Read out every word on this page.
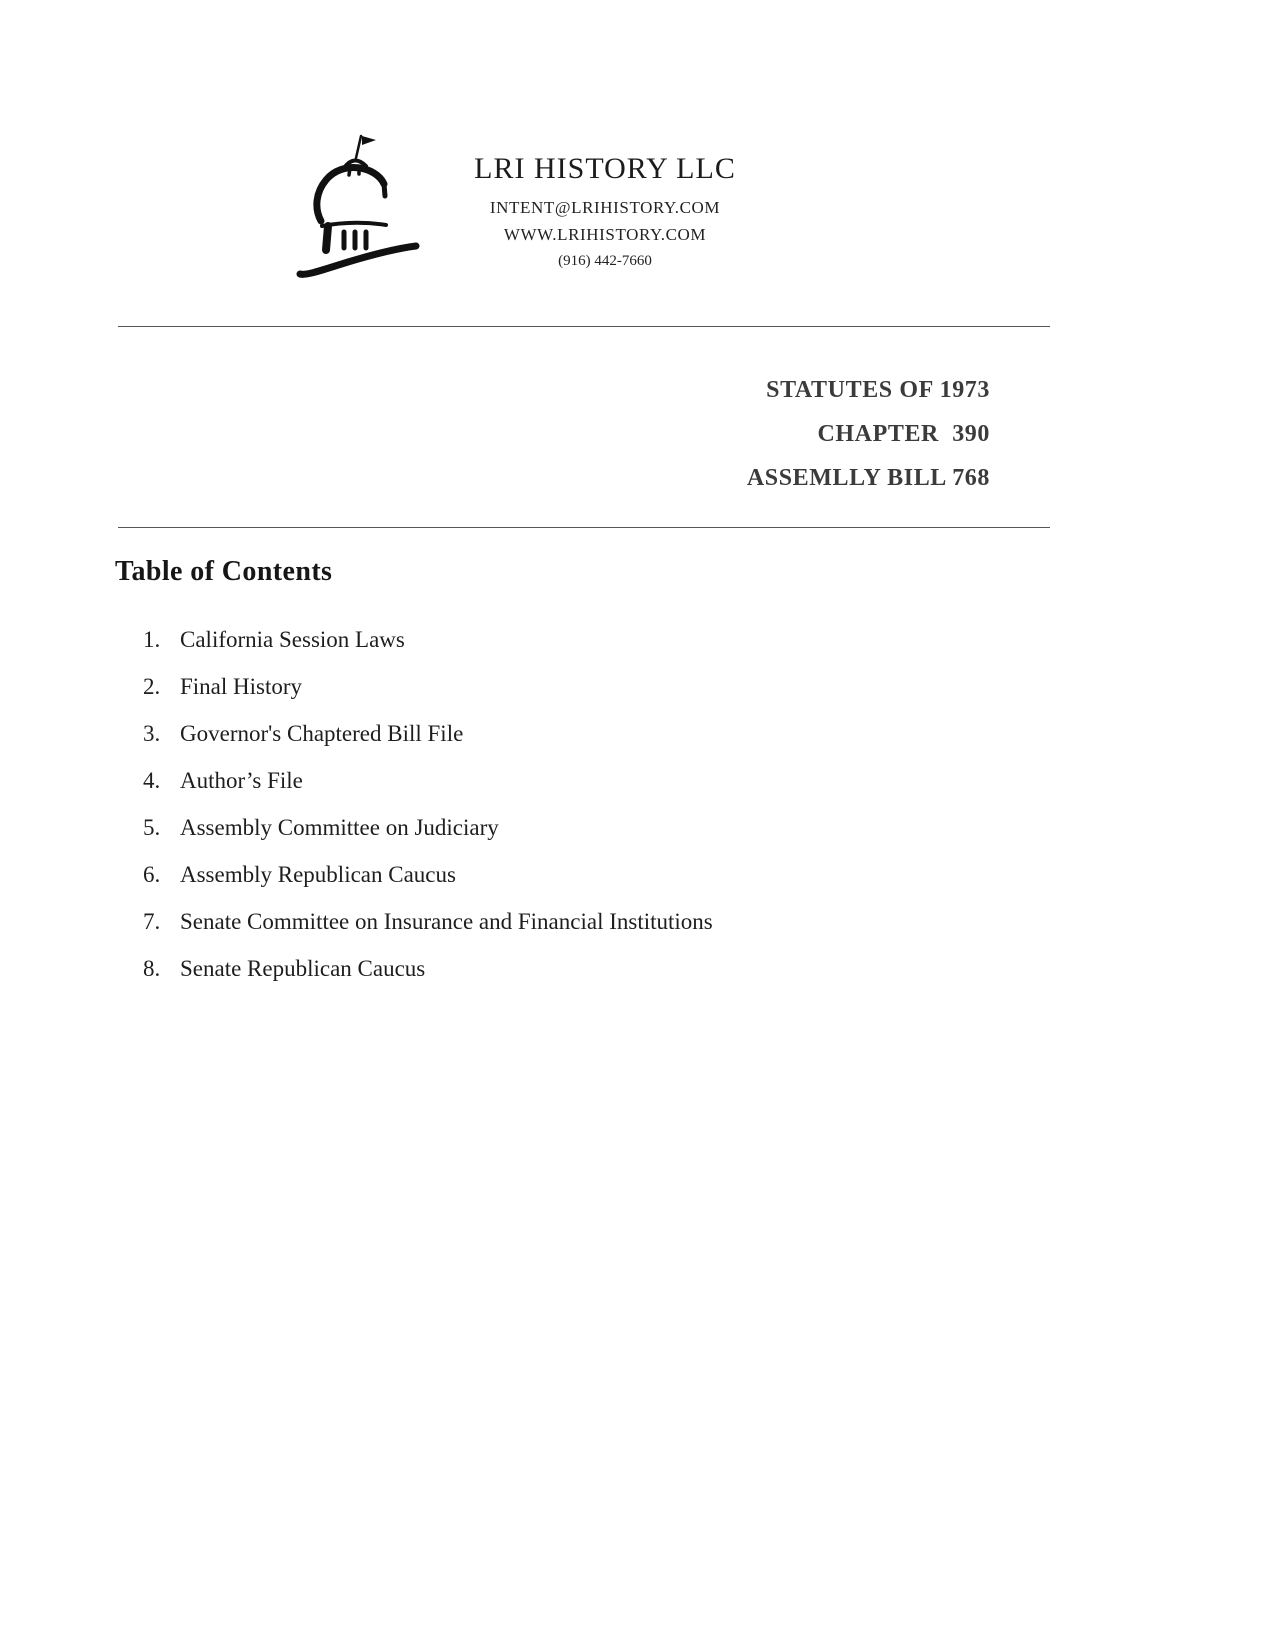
LRI HISTORY LLC
INTENT@LRIHISTORY.COM
WWW.LRIHISTORY.COM
(916) 442-7660
STATUTES OF 1973
CHAPTER  390
ASSEMLLY BILL 768
Table of Contents
1. California Session Laws
2. Final History
3. Governor's Chaptered Bill File
4. Author’s File
5. Assembly Committee on Judiciary
6. Assembly Republican Caucus
7. Senate Committee on Insurance and Financial Institutions
8. Senate Republican Caucus
